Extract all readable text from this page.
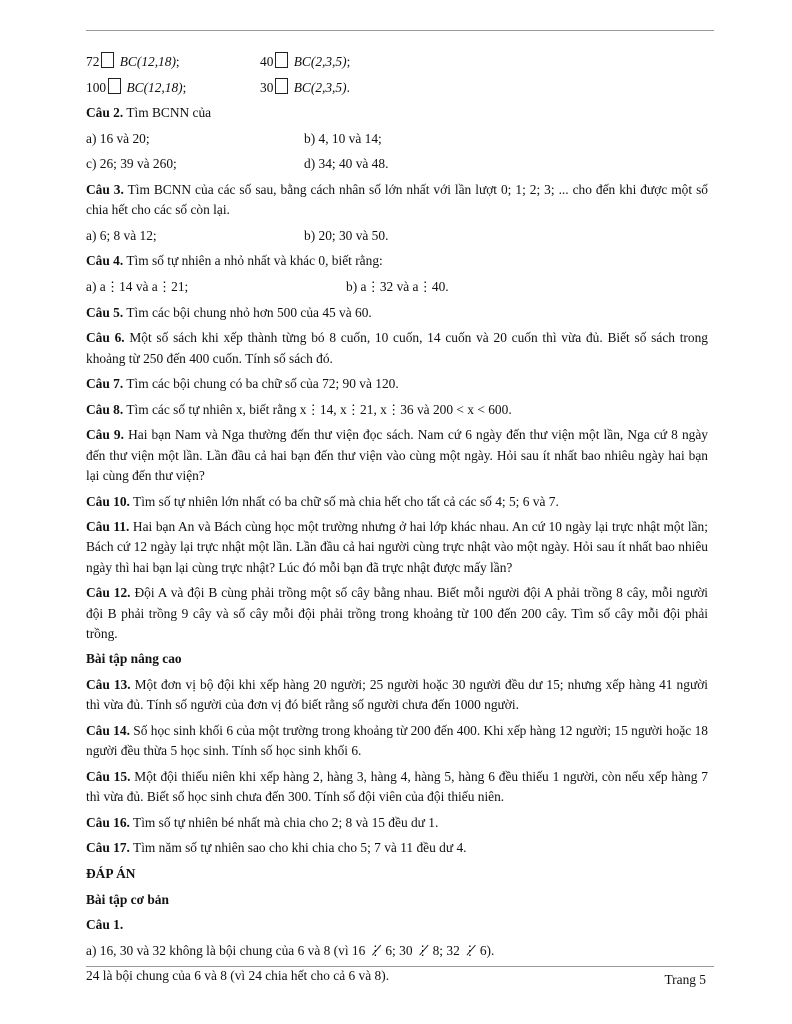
72 BC(12,18);	40 BC(2,3,5);
100 BC(12,18);	30 BC(2,3,5).

Câu 2. Tìm BCNN của

a) 16 và 20;	b) 4, 10 và 14;
c) 26; 39 và 260;	d) 34; 40 và 48.

Câu 3. Tìm BCNN của các số sau, bằng cách nhân số lớn nhất với lần lượt 0; 1; 2; 3; ... cho đến khi được một số chia hết cho các số còn lại.

a) 6; 8 và 12;	b) 20; 30 và 50.

Câu 4. Tìm số tự nhiên a nhỏ nhất và khác 0, biết rằng:

a) a⋮14 và a⋮21;	b) a⋮32 và a⋮40.

Câu 5. Tìm các bội chung nhỏ hơn 500 của 45 và 60.

Câu 6. Một số sách khi xếp thành từng bó 8 cuốn, 10 cuốn, 14 cuốn và 20 cuốn thì vừa đủ. Biết số sách trong khoảng từ 250 đến 400 cuốn. Tính số sách đó.

Câu 7. Tìm các bội chung có ba chữ số của 72; 90 và 120.

Câu 8. Tìm các số tự nhiên x, biết rằng x⋮14, x⋮21, x⋮36 và 200 < x < 600.

Câu 9. Hai bạn Nam và Nga thường đến thư viện đọc sách. Nam cứ 6 ngày đến thư viện một lần, Nga cứ 8 ngày đến thư viện một lần. Lần đầu cả hai bạn đến thư viện vào cùng một ngày. Hỏi sau ít nhất bao nhiêu ngày hai bạn lại cùng đến thư viện?

Câu 10. Tìm số tự nhiên lớn nhất có ba chữ số mà chia hết cho tất cả các số 4; 5; 6 và 7.

Câu 11. Hai bạn An và Bách cùng học một trường nhưng ở hai lớp khác nhau. An cứ 10 ngày lại trực nhật một lần; Bách cứ 12 ngày lại trực nhật một lần. Lần đầu cả hai người cùng trực nhật vào một ngày. Hỏi sau ít nhất bao nhiêu ngày thì hai bạn lại cùng trực nhật? Lúc đó mỗi bạn đã trực nhật được mấy lần?

Câu 12. Đội A và đội B cùng phải trồng một số cây bằng nhau. Biết mỗi người đội A phải trồng 8 cây, mỗi người đội B phải trồng 9 cây và số cây mỗi đội phải trồng trong khoảng từ 100 đến 200 cây. Tìm số cây mỗi đội phải trồng.

Bài tập nâng cao

Câu 13. Một đơn vị bộ đội khi xếp hàng 20 người; 25 người hoặc 30 người đều dư 15; nhưng xếp hàng 41 người thì vừa đủ. Tính số người của đơn vị đó biết rằng số người chưa đến 1000 người.

Câu 14. Số học sinh khối 6 của một trường trong khoảng từ 200 đến 400. Khi xếp hàng 12 người; 15 người hoặc 18 người đều thừa 5 học sinh. Tính số học sinh khối 6.

Câu 15. Một đội thiếu niên khi xếp hàng 2, hàng 3, hàng 4, hàng 5, hàng 6 đều thiếu 1 người, còn nếu xếp hàng 7 thì vừa đủ. Biết số học sinh chưa đến 300. Tính số đội viên của đội thiếu niên.

Câu 16. Tìm số tự nhiên bé nhất mà chia cho 2; 8 và 15 đều dư 1.

Câu 17. Tìm năm số tự nhiên sao cho khi chia cho 5; 7 và 11 đều dư 4.

ĐÁP ÁN

Bài tập cơ bản

Câu 1.

a) 16, 30 và 32 không là bội chung của 6 và 8 (vì 16 ⋮̸ 6; 30 ⋮̸ 8; 32 ⋮̸ 6).

24 là bội chung của 6 và 8 (vì 24 chia hết cho cả 6 và 8).	Trang 5
